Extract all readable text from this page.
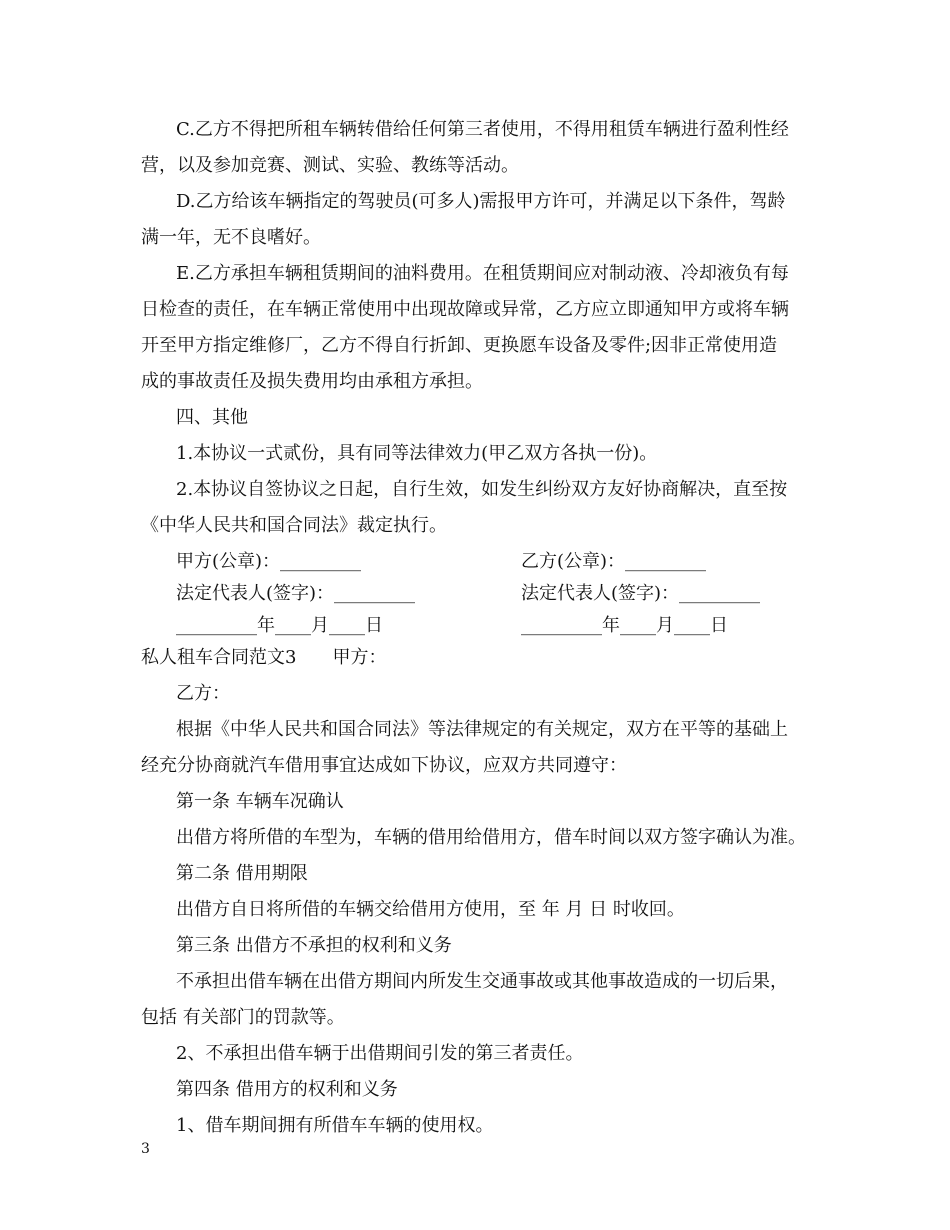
C.乙方不得把所租车辆转借给任何第三者使用，不得用租赁车辆进行盈利性经

营，以及参加竞赛、测试、实验、教练等活动。

D.乙方给该车辆指定的驾驶员(可多人)需报甲方许可，并满足以下条件，驾龄

满一年，无不良嗜好。

E.乙方承担车辆租赁期间的油料费用。在租赁期间应对制动液、冷却液负有每

日检查的责任，在车辆正常使用中出现故障或异常，乙方应立即通知甲方或将车辆

开至甲方指定维修厂，乙方不得自行折卸、更换愿车设备及零件;因非正常使用造

成的事故责任及损失费用均由承租方承担。

四、其他

1.本协议一式贰份，具有同等法律效力(甲乙双方各执一份)。

2.本协议自签协议之日起，自行生效，如发生纠纷双方友好协商解决，直至按

《中华人民共和国合同法》裁定执行。

甲方(公章)：_________	乙方(公章)：_________

法定代表人(签字)：_________	法定代表人(签字)：_________

_________年____月____日	_________年____月____日

私人租车合同范文3　　甲方：

乙方：

根据《中华人民共和国合同法》等法律规定的有关规定，双方在平等的基础上

经充分协商就汽车借用事宜达成如下协议，应双方共同遵守：

第一条 车辆车况确认

出借方将所借的车型为，车辆的借用给借用方，借车时间以双方签字确认为准。

第二条 借用期限

出借方自日将所借的车辆交给借用方使用，至 年 月 日 时收回。

第三条 出借方不承担的权利和义务

不承担出借车辆在出借方期间内所发生交通事故或其他事故造成的一切后果，

包括 有关部门的罚款等。

2、不承担出借车辆于出借期间引发的第三者责任。

第四条 借用方的权利和义务

1、借车期间拥有所借车车辆的使用权。

3
